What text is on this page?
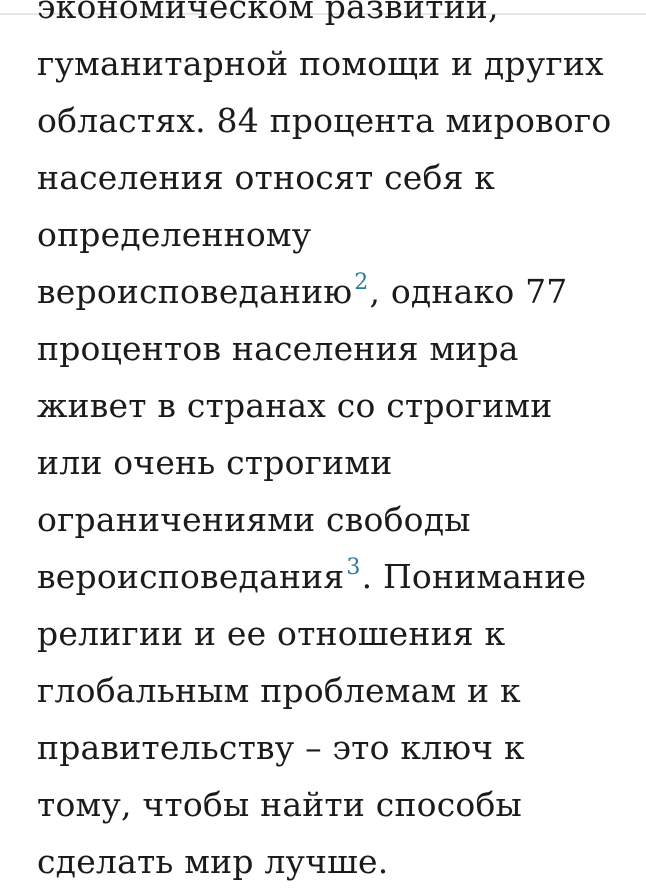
экономическом развитии,
гуманитарной помощи и других
областях. 84 процента мирового
населения относят себя к
определенному
вероисповеданию$^2$, однако 77
процентов населения мира
живет в странах со строгими
или очень строгими
ограничениями свободы
вероисповедания$^3$. Понимание
религии и ее отношения к
глобальным проблемам и к
правительству – это ключ к
тому, чтобы найти способы
сделать мир лучше.
